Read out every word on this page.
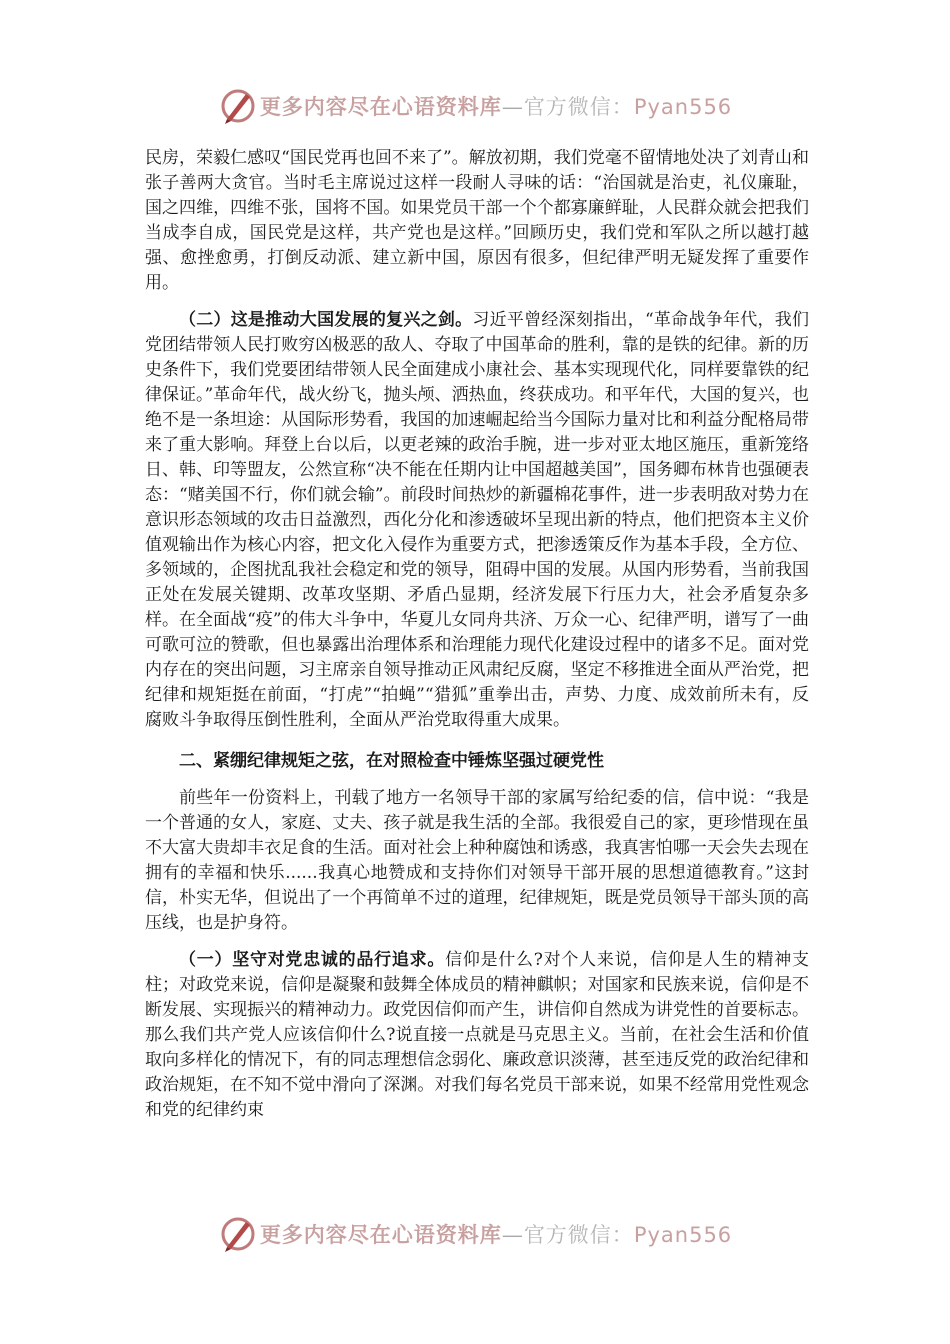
更多内容尽在心语资料库—官方微信：Pyan556

民房，荣毅仁感叹“国民党再也回不来了”。解放初期，我们党毫不留情地处决了刘青山和张子善两大贪官。当时毛主席说过这样一段耐人寻味的话：“治国就是治吏，礼仪廉耻，国之四维，四维不张，国将不国。如果党员干部一个个都寡廉鲜耻，人民群众就会把我们当成李自成，国民党是这样，共产党也是这样。”回顾历史，我们党和军队之所以越打越强、愈挫愈勇，打倒反动派、建立新中国，原因有很多，但纪律严明无疑发挥了重要作用。

（二）这是推动大国发展的复兴之剑。习近平曾经深刻指出，“革命战争年代，我们党团结带领人民打败穷凶极恶的敌人、夺取了中国革命的胜利，靠的是铁的纪律。新的历史条件下，我们党要团结带领人民全面建成小康社会、基本实现现代化，同样要靠铁的纪律保证。”革命年代，战火纷飞，抛头颅、洒热血，终获成功。和平年代，大国的复兴，也绝不是一条坦途：从国际形势看，我国的加速崛起给当今国际力量对比和利益分配格局带来了重大影响。拜登上台以后，以更老辣的政治手腕，进一步对亚太地区施压，重新笼络日、韩、印等盟友，公然宣称“决不能在任期内让中国超越美国”，国务卿布林肯也强硬表态：“赌美国不行，你们就会输”。前段时间热炒的新疆棉花事件，进一步表明敌对势力在意识形态领域的攻击日益激烈，西化分化和渗透破坏呈现出新的特点，他们把资本主义价值观输出作为核心内容，把文化入侵作为重要方式，把渗透策反作为基本手段，全方位、多领域的，企图扰乱我社会稳定和党的领导，阻碍中国的发展。从国内形势看，当前我国正处在发展关键期、改革攻坚期、矛盾凸显期，经济发展下行压力大，社会矛盾复杂多样。在全面战“疫”的伟大斗争中，华夏儿女同舟共济、万众一心、纪律严明，谱写了一曲可歌可泣的赞歌，但也暴露出治理体系和治理能力现代化建设过程中的诸多不足。面对党内存在的突出问题，习主席亲自领导推动正风肃纪反腐，坚定不移推进全面从严治党，把纪律和规矩挺在前面，“打虎”“拍蝇”“猎狐”重拳出击，声势、力度、成效前所未有，反腐败斗争取得压倒性胜利，全面从严治党取得重大成果。

二、紧绷纪律规矩之弦，在对照检查中锤炼坚强过硬党性

前些年一份资料上，刊载了地方一名领导干部的家属写给纪委的信，信中说：“我是一个普通的女人，家庭、丈夫、孩子就是我生活的全部。我很爱自己的家，更珍惜现在虽不大富大贵却丰衣足食的生活。面对社会上种种腐蚀和诱惑，我真害怕哪一天会失去现在拥有的幸福和快乐......我真心地赞成和支持你们对领导干部开展的思想道德教育。”这封信，朴实无华，但说出了一个再简单不过的道理，纪律规矩，既是党员领导干部头顶的高压线，也是护身符。

（一）坚守对党忠诚的品行追求。信仰是什么?对个人来说，信仰是人生的精神支柱；对政党来说，信仰是凝聚和鼓舞全体成员的精神麒帜；对国家和民族来说，信仰是不断发展、实现振兴的精神动力。政党因信仰而产生，讲信仰自然成为讲党性的首要标志。那么我们共产党人应该信仰什么?说直接一点就是马克思主义。当前，在社会生活和价值取向多样化的情况下，有的同志理想信念弱化、廉政意识淡薄，甚至违反党的政治纪律和政治规矩，在不知不觉中滑向了深渊。对我们每名党员干部来说，如果不经常用党性观念和党的纪律约束

更多内容尽在心语资料库—官方微信：Pyan556
